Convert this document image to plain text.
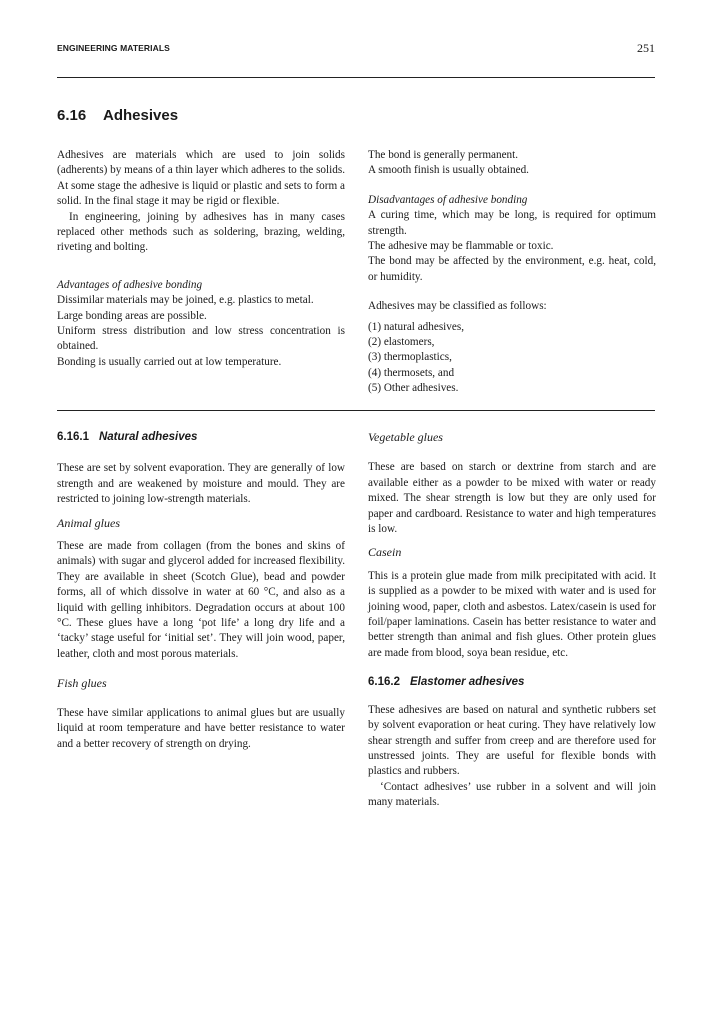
ENGINEERING MATERIALS	251
6.16 Adhesives

Adhesives are materials which are used to join solids (adherents) by means of a thin layer which adheres to the solids. At some stage the adhesive is liquid or plastic and sets to form a solid. In the final stage it may be rigid or flexible.

In engineering, joining by adhesives has in many cases replaced other methods such as soldering, brazing, welding, riveting and bolting.

Advantages of adhesive bonding

Dissimilar materials may be joined, e.g. plastics to metal.

Large bonding areas are possible.

Uniform stress distribution and low stress concentration is obtained.

Bonding is usually carried out at low temperature.

The bond is generally permanent.

A smooth finish is usually obtained.

Disadvantages of adhesive bonding

A curing time, which may be long, is required for optimum strength.

The adhesive may be flammable or toxic.

The bond may be affected by the environment, e.g. heat, cold, or humidity.

Adhesives may be classified as follows:

(1) natural adhesives,
(2) elastomers,
(3) thermoplastics,
(4) thermosets, and
(5) Other adhesives.
6.16.1 Natural adhesives

These are set by solvent evaporation. They are generally of low strength and are weakened by moisture and mould. They are restricted to joining low-strength materials.

Animal glues

These are made from collagen (from the bones and skins of animals) with sugar and glycerol added for increased flexibility. They are available in sheet (Scotch Glue), bead and powder forms, all of which dissolve in water at 60 °C, and also as a liquid with gelling inhibitors. Degradation occurs at about 100 °C. These glues have a long ‘pot life’ a long dry life and a ‘tacky’ stage useful for ‘initial set’. They will join wood, paper, leather, cloth and most porous materials.

Fish glues

These have similar applications to animal glues but are usually liquid at room temperature and have better resistance to water and a better recovery of strength on drying.

Vegetable glues

These are based on starch or dextrine from starch and are available either as a powder to be mixed with water or ready mixed. The shear strength is low but they are only used for paper and cardboard. Resistance to water and high temperatures is low.

Casein

This is a protein glue made from milk precipitated with acid. It is supplied as a powder to be mixed with water and is used for joining wood, paper, cloth and asbestos. Latex/casein is used for foil/paper laminations. Casein has better resistance to water and better strength than animal and fish glues. Other protein glues are made from blood, soya bean residue, etc.

6.16.2 Elastomer adhesives

These adhesives are based on natural and synthetic rubbers set by solvent evaporation or heat curing. They have relatively low shear strength and suffer from creep and are therefore used for unstressed joints. They are useful for flexible bonds with plastics and rubbers.

‘Contact adhesives’ use rubber in a solvent and will join many materials.
